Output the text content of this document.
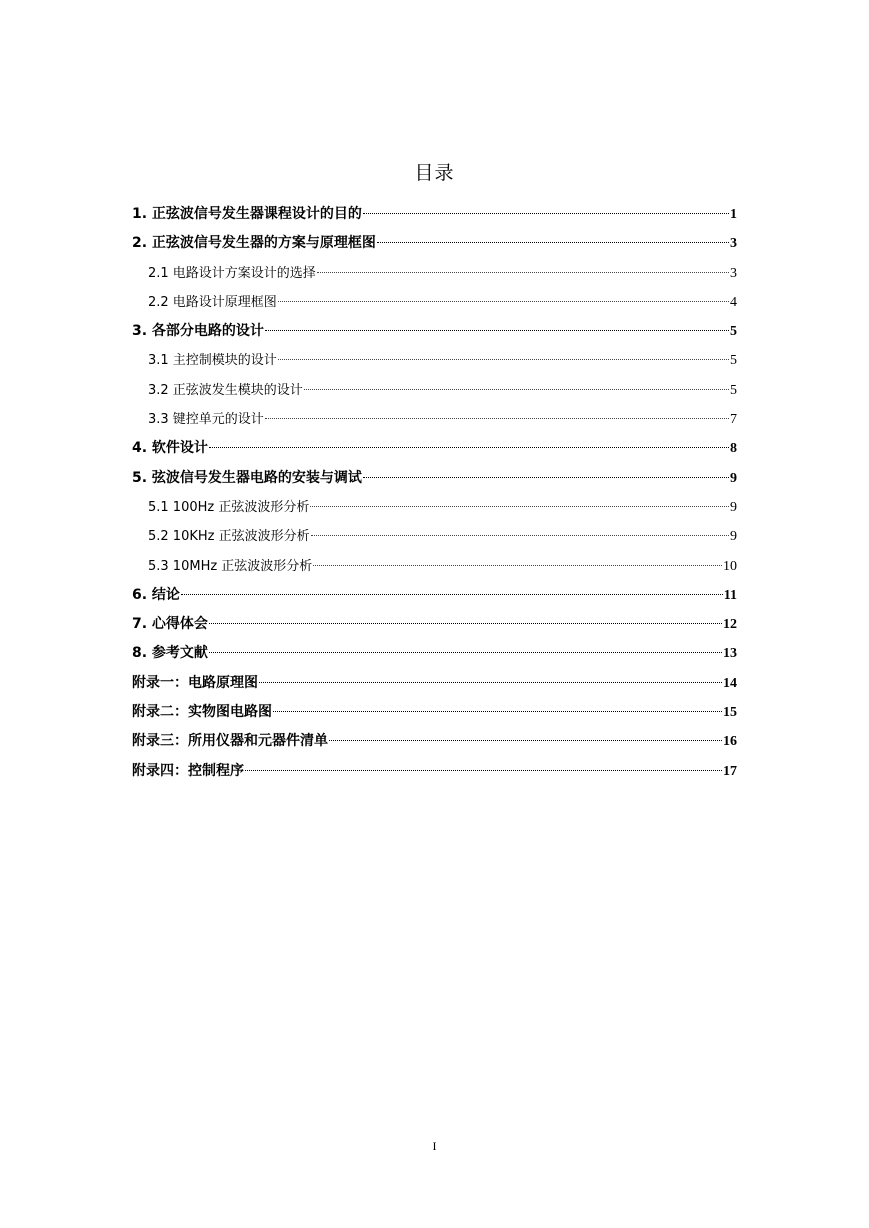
目录
1. 正弦波信号发生器课程设计的目的	1
2. 正弦波信号发生器的方案与原理框图	3
2.1 电路设计方案设计的选择	3
2.2 电路设计原理框图	4
3. 各部分电路的设计	5
3.1 主控制模块的设计	5
3.2 正弦波发生模块的设计	5
3.3 键控单元的设计	7
4. 软件设计	8
5. 弦波信号发生器电路的安装与调试	9
5.1 100Hz 正弦波波形分析	9
5.2 10KHz 正弦波波形分析	9
5.3 10MHz 正弦波波形分析	10
6. 结论	11
7. 心得体会	12
8. 参考文献	13
附录一：电路原理图	14
附录二：实物图电路图	15
附录三：所用仪器和元器件清单	16
附录四：控制程序	17
I
